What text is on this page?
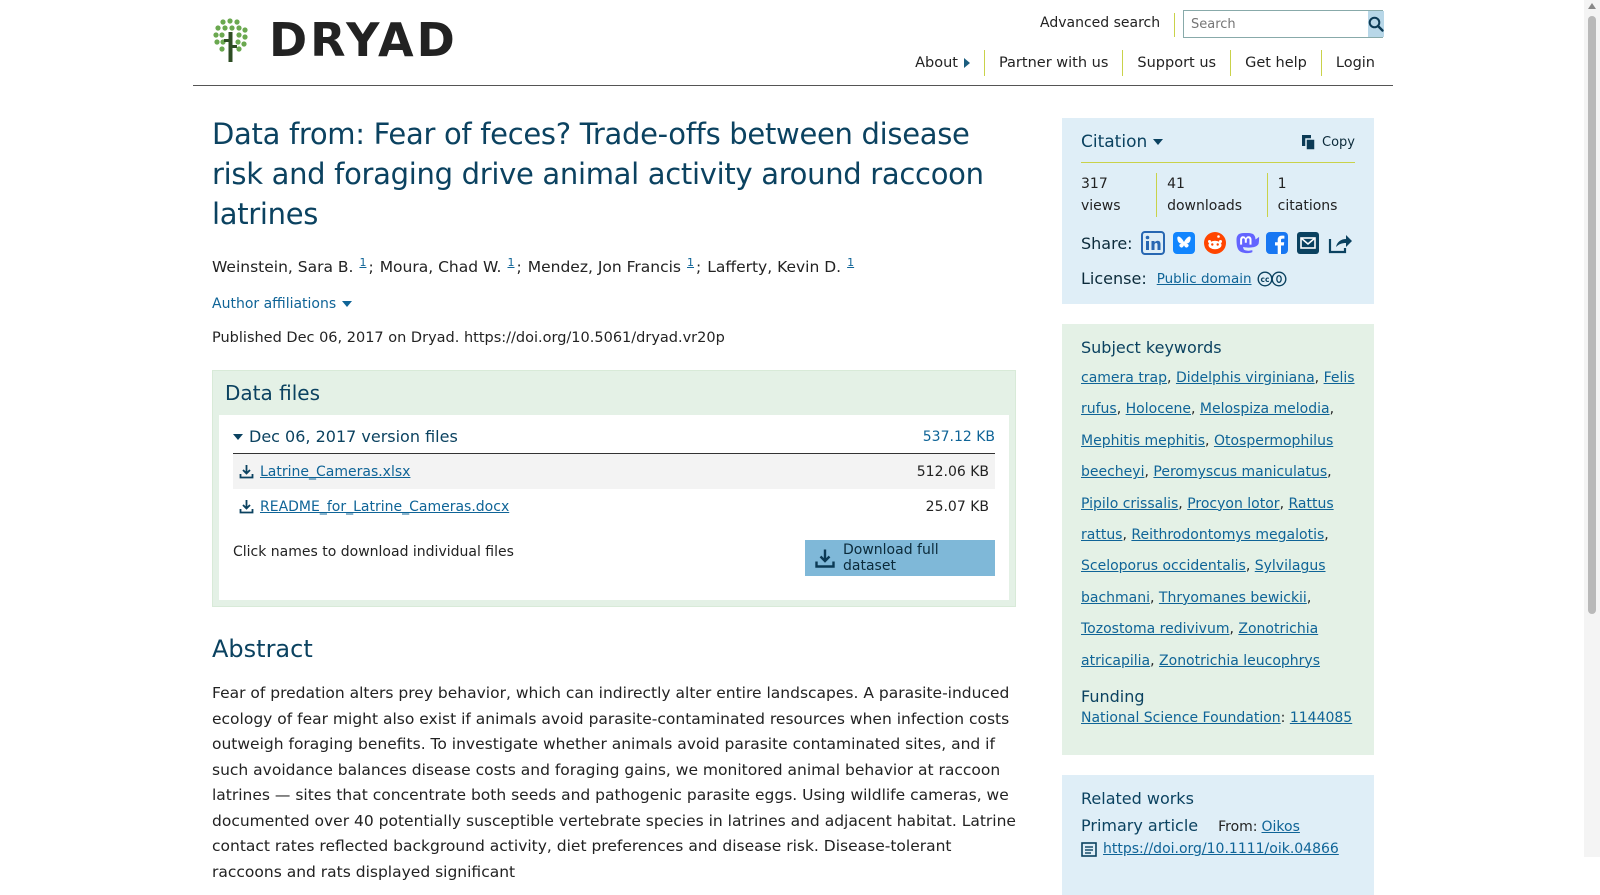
DRYAD	Advanced search
Search
About	Partner with us	Support us	Get help	Login
Data from: Fear of feces? Trade-offs between disease risk and foraging drive animal activity around raccoon latrines
Weinstein, Sara B. $^1$ ; Moura, Chad W. $^1$ ; Mendez, Jon Francis $^1$ ; Lafferty, Kevin D. $^1$
Author affiliations
Published Dec 06, 2017 on Dryad. https://doi.org/10.5061/dryad.vr20p
Data files
Dec 06, 2017 version files	537.12 KB
Latrine_Cameras.xlsx	512.06 KB
README_for_Latrine_Cameras.docx	25.07 KB
Click names to download individual files	Download full dataset
Abstract

Fear of predation alters prey behavior, which can indirectly alter entire landscapes. A parasite-induced ecology of fear might also exist if animals avoid parasite-contaminated resources when infection costs outweigh foraging benefits. To investigate whether animals avoid parasite contaminated sites, and if such avoidance balances disease costs and foraging gains, we monitored animal behavior at raccoon latrines — sites that concentrate both seeds and pathogenic parasite eggs. Using wildlife cameras, we documented over 40 potentially susceptible vertebrate species in latrines and adjacent habitat. Latrine contact rates reflected background activity, diet preferences and disease risk. Disease-tolerant raccoons and rats displayed significant

Citation	Copy
317 views
41 downloads
1 citations
Share:
License: Public domain cc
Subject keywords
camera trap, Didelphis virginiana, Felis rufus, Holocene, Melospiza melodia, Mephitis mephitis, Otospermophilus beecheyi, Peromyscus maniculatus, Pipilo crissalis, Procyon lotor, Rattus rattus, Reithrodontomys megalotis, Sceloporus occidentalis, Sylvilagus bachmani, Thryomanes bewickii, Tozostoma redivivum, Zonotrichia atricapilia, Zonotrichia leucophrys
Funding
National Science Foundation: 1144085
Related works
Primary article From: Oikos
https://doi.org/10.1111/oik.04866
